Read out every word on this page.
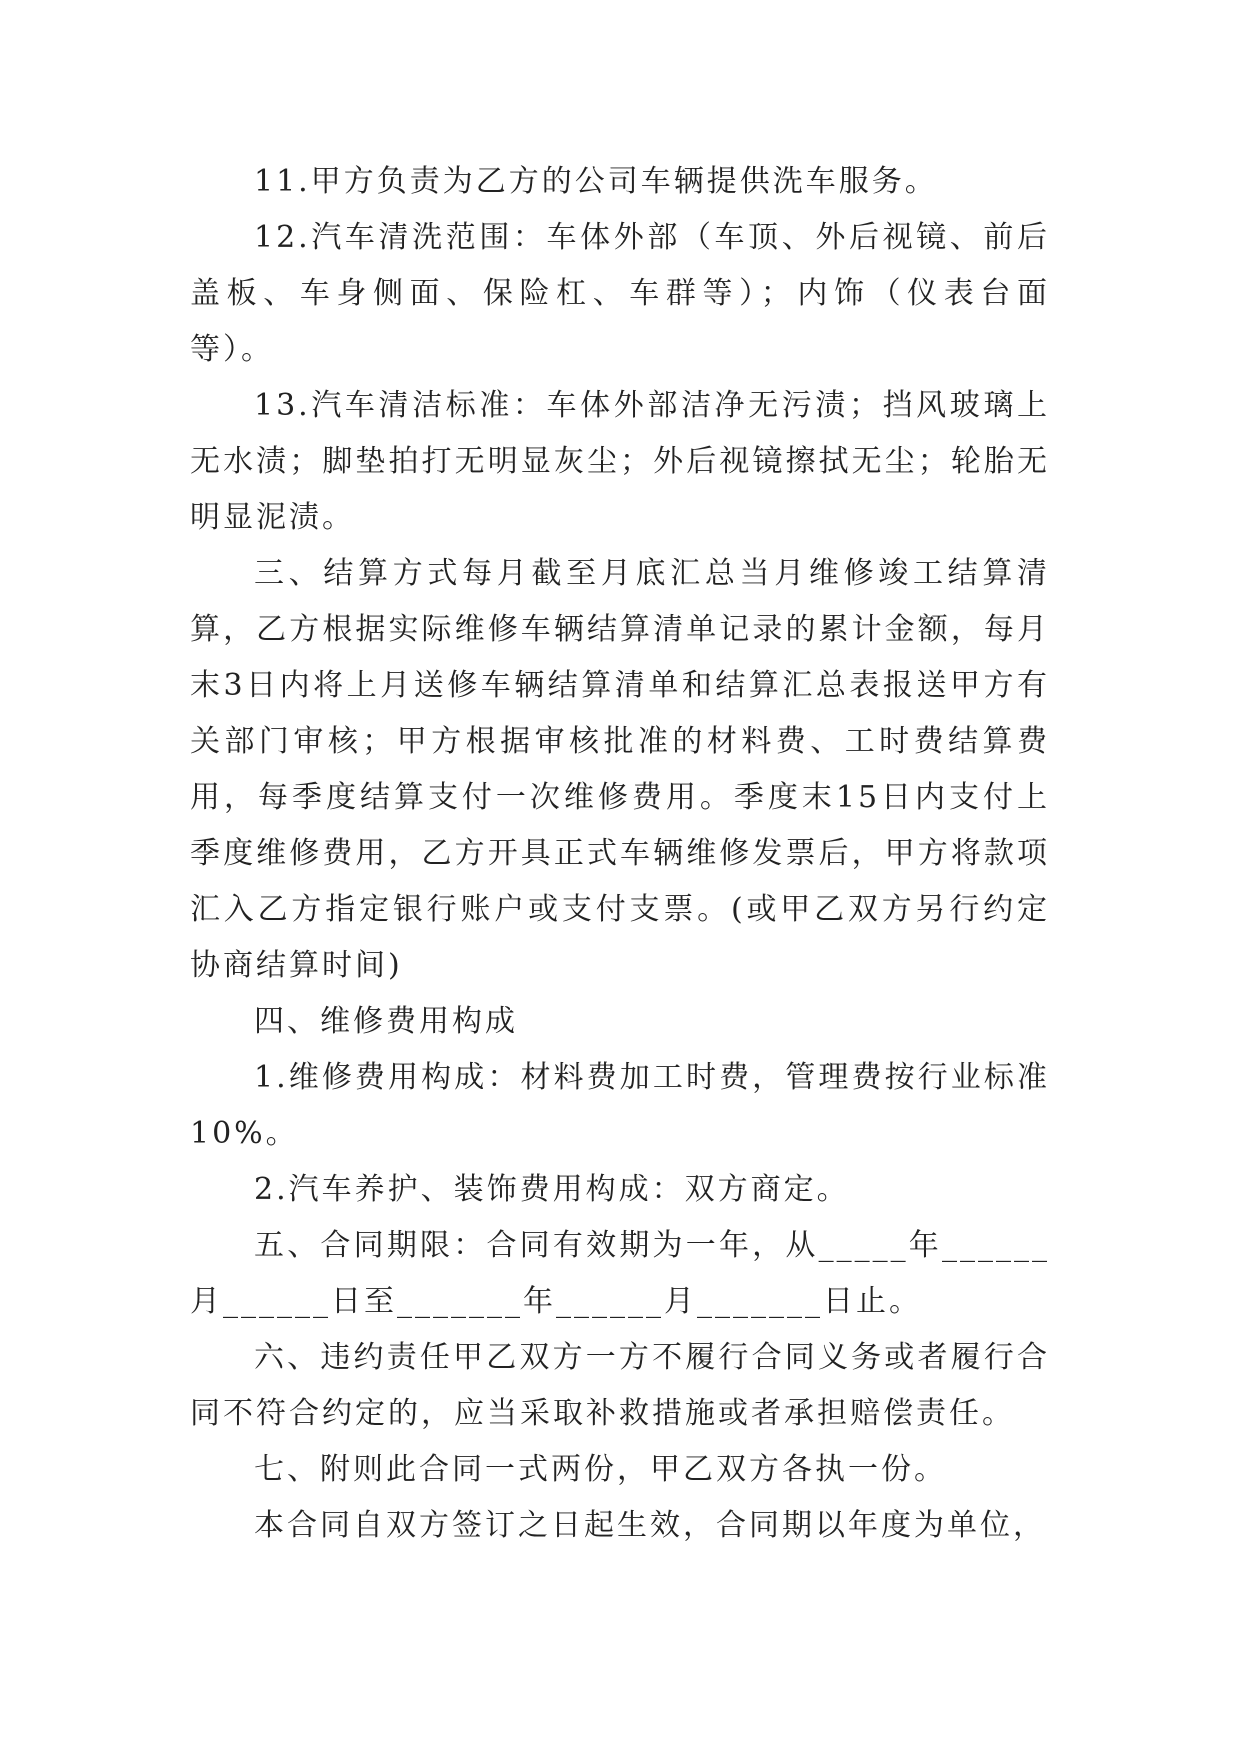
11.甲方负责为乙方的公司车辆提供洗车服务。

12.汽车清洗范围：车体外部（车顶、外后视镜、前后盖板、车身侧面、保险杠、车群等）；内饰（仪表台面等）。

13.汽车清洁标准：车体外部洁净无污渍；挡风玻璃上无水渍；脚垫拍打无明显灰尘；外后视镜擦拭无尘；轮胎无明显泥渍。

三、结算方式每月截至月底汇总当月维修竣工结算清算，乙方根据实际维修车辆结算清单记录的累计金额，每月末3日内将上月送修车辆结算清单和结算汇总表报送甲方有关部门审核；甲方根据审核批准的材料费、工时费结算费用，每季度结算支付一次维修费用。季度末15日内支付上季度维修费用，乙方开具正式车辆维修发票后，甲方将款项汇入乙方指定银行账户或支付支票。(或甲乙双方另行约定协商结算时间)

四、维修费用构成

1.维修费用构成：材料费加工时费，管理费按行业标准10%。

2.汽车养护、装饰费用构成：双方商定。

五、合同期限：合同有效期为一年，从_____年______月______日至_______年______月_______日止。

六、违约责任甲乙双方一方不履行合同义务或者履行合同不符合约定的，应当采取补救措施或者承担赔偿责任。

七、附则此合同一式两份，甲乙双方各执一份。

本合同自双方签订之日起生效，合同期以年度为单位，
